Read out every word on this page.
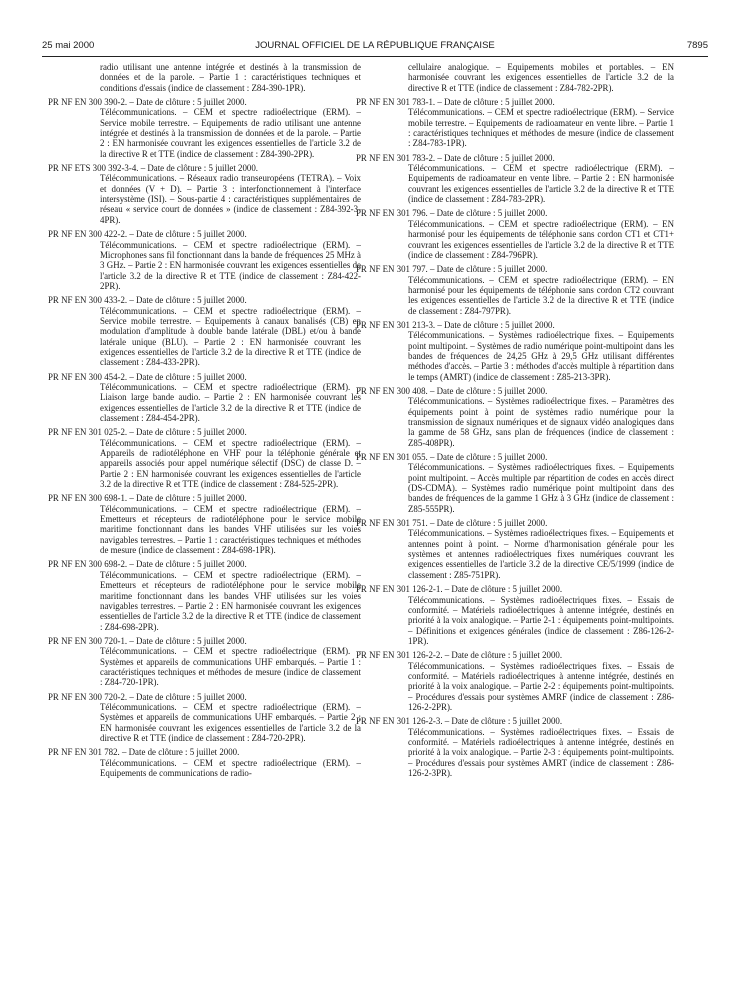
25 mai 2000	JOURNAL OFFICIEL DE LA RÉPUBLIQUE FRANÇAISE	7895
radio utilisant une antenne intégrée et destinés à la transmission de données et de la parole. – Partie 1 : caractéristiques techniques et conditions d'essais (indice de classement : Z84-390-1PR).
PR NF EN 300 390-2. – Date de clôture : 5 juillet 2000.
Télécommunications. – CEM et spectre radioélectrique (ERM). – Service mobile terrestre. – Equipements de radio utilisant une antenne intégrée et destinés à la transmission de données et de la parole. – Partie 2 : EN harmonisée couvrant les exigences essentielles de l'article 3.2 de la directive R et TTE (indice de classement : Z84-390-2PR).
PR NF ETS 300 392-3-4. – Date de clôture : 5 juillet 2000.
Télécommunications. – Réseaux radio transeuropéens (TETRA). – Voix et données (V + D). – Partie 3 : interfonctionnement à l'interface intersystème (ISI). – Sous-partie 4 : caractéristiques supplémentaires de réseau « service court de données » (indice de classement : Z84-392-3-4PR).
PR NF EN 300 422-2. – Date de clôture : 5 juillet 2000.
Télécommunications. – CEM et spectre radioélectrique (ERM). – Microphones sans fil fonctionnant dans la bande de fréquences 25 MHz à 3 GHz. – Partie 2 : EN harmonisée couvrant les exigences essentielles de l'article 3.2 de la directive R et TTE (indice de classement : Z84-422-2PR).
PR NF EN 300 433-2. – Date de clôture : 5 juillet 2000.
Télécommunications. – CEM et spectre radioélectrique (ERM). – Service mobile terrestre. – Equipements à canaux banalisés (CB) en modulation d'amplitude à double bande latérale (DBL) et/ou à bande latérale unique (BLU). – Partie 2 : EN harmonisée couvrant les exigences essentielles de l'article 3.2 de la directive R et TTE (indice de classement : Z84-433-2PR).
PR NF EN 300 454-2. – Date de clôture : 5 juillet 2000.
Télécommunications. – CEM et spectre radioélectrique (ERM). – Liaison large bande audio. – Partie 2 : EN harmonisée couvrant les exigences essentielles de l'article 3.2 de la directive R et TTE (indice de classement : Z84-454-2PR).
PR NF EN 301 025-2. – Date de clôture : 5 juillet 2000.
Télécommunications. – CEM et spectre radioélectrique (ERM). – Appareils de radiotéléphone en VHF pour la téléphonie générale et appareils associés pour appel numérique sélectif (DSC) de classe D. – Partie 2 : EN harmonisée couvrant les exigences essentielles de l'article 3.2 de la directive R et TTE (indice de classement : Z84-525-2PR).
PR NF EN 300 698-1. – Date de clôture : 5 juillet 2000.
Télécommunications. – CEM et spectre radioélectrique (ERM). – Emetteurs et récepteurs de radiotéléphone pour le service mobile maritime fonctionnant dans les bandes VHF utilisées sur les voies navigables terrestres. – Partie 1 : caractéristiques techniques et méthodes de mesure (indice de classement : Z84-698-1PR).
PR NF EN 300 698-2. – Date de clôture : 5 juillet 2000.
Télécommunications. – CEM et spectre radioélectrique (ERM). – Emetteurs et récepteurs de radiotéléphone pour le service mobile maritime fonctionnant dans les bandes VHF utilisées sur les voies navigables terrestres. – Partie 2 : EN harmonisée couvrant les exigences essentielles de l'article 3.2 de la directive R et TTE (indice de classement : Z84-698-2PR).
PR NF EN 300 720-1. – Date de clôture : 5 juillet 2000.
Télécommunications. – CEM et spectre radioélectrique (ERM). – Systèmes et appareils de communications UHF embarqués. – Partie 1 : caractéristiques techniques et méthodes de mesure (indice de classement : Z84-720-1PR).
PR NF EN 300 720-2. – Date de clôture : 5 juillet 2000.
Télécommunications. – CEM et spectre radioélectrique (ERM). – Systèmes et appareils de communications UHF embarqués. – Partie 2 : EN harmonisée couvrant les exigences essentielles de l'article 3.2 de la directive R et TTE (indice de classement : Z84-720-2PR).
PR NF EN 301 782. – Date de clôture : 5 juillet 2000.
Télécommunications. – CEM et spectre radioélectrique (ERM). – Equipements de communications de radio-
cellulaire analogique. – Equipements mobiles et portables. – EN harmonisée couvrant les exigences essentielles de l'article 3.2 de la directive R et TTE (indice de classement : Z84-782-2PR).
PR NF EN 301 783-1. – Date de clôture : 5 juillet 2000.
Télécommunications. – CEM et spectre radioélectrique (ERM). – Service mobile terrestre. – Equipements de radioamateur en vente libre. – Partie 1 : caractéristiques techniques et méthodes de mesure (indice de classement : Z84-783-1PR).
PR NF EN 301 783-2. – Date de clôture : 5 juillet 2000.
Télécommunications. – CEM et spectre radioélectrique (ERM). – Equipements de radioamateur en vente libre. – Partie 2 : EN harmonisée couvrant les exigences essentielles de l'article 3.2 de la directive R et TTE (indice de classement : Z84-783-2PR).
PR NF EN 301 796. – Date de clôture : 5 juillet 2000.
Télécommunications. – CEM et spectre radioélectrique (ERM). – EN harmonisé pour les équipements de téléphonie sans cordon CT1 et CT1+ couvrant les exigences essentielles de l'article 3.2 de la directive R et TTE (indice de classement : Z84-796PR).
PR NF EN 301 797. – Date de clôture : 5 juillet 2000.
Télécommunications. – CEM et spectre radioélectrique (ERM). – EN harmonisé pour les équipements de téléphonie sans cordon CT2 couvrant les exigences essentielles de l'article 3.2 de la directive R et TTE (indice de classement : Z84-797PR).
PR NF EN 301 213-3. – Date de clôture : 5 juillet 2000.
Télécommunications. – Systèmes radioélectrique fixes. – Equipements point multipoint. – Systèmes de radio numérique point-multipoint dans les bandes de fréquences de 24,25 GHz à 29,5 GHz utilisant différentes méthodes d'accès. – Partie 3 : méthodes d'accès multiple à répartition dans le temps (AMRT) (indice de classement : Z85-213-3PR).
PR NF EN 300 408. – Date de clôture : 5 juillet 2000.
Télécommunications. – Systèmes radioélectrique fixes. – Paramètres des équipements point à point de systèmes radio numérique pour la transmission de signaux numériques et de signaux vidéo analogiques dans la gamme de 58 GHz, sans plan de fréquences (indice de classement : Z85-408PR).
PR NF EN 301 055. – Date de clôture : 5 juillet 2000.
Télécommunications. – Systèmes radioélectriques fixes. – Equipements point multipoint. – Accès multiple par répartition de codes en accès direct (DS-CDMA). – Systèmes radio numérique point multipoint dans des bandes de fréquences de la gamme 1 GHz à 3 GHz (indice de classement : Z85-555PR).
PR NF EN 301 751. – Date de clôture : 5 juillet 2000.
Télécommunications. – Systèmes radioélectriques fixes. – Equipements et antennes point à point. – Norme d'harmonisation générale pour les systèmes et antennes radioélectriques fixes numériques couvrant les exigences essentielles de l'article 3.2 de la directive CE/5/1999 (indice de classement : Z85-751PR).
PR NF EN 301 126-2-1. – Date de clôture : 5 juillet 2000.
Télécommunications. – Systèmes radioélectriques fixes. – Essais de conformité. – Matériels radioélectriques à antenne intégrée, destinés en priorité à la voix analogique. – Partie 2-1 : équipements point-multipoints. – Définitions et exigences générales (indice de classement : Z86-126-2-1PR).
PR NF EN 301 126-2-2. – Date de clôture : 5 juillet 2000.
Télécommunications. – Systèmes radioélectriques fixes. – Essais de conformité. – Matériels radioélectriques à antenne intégrée, destinés en priorité à la voix analogique. – Partie 2-2 : équipements point-multipoints. – Procédures d'essais pour systèmes AMRF (indice de classement : Z86-126-2-2PR).
PR NF EN 301 126-2-3. – Date de clôture : 5 juillet 2000.
Télécommunications. – Systèmes radioélectriques fixes. – Essais de conformité. – Matériels radioélectriques à antenne intégrée, destinés en priorité à la voix analogique. – Partie 2-3 : équipements point-multipoints. – Procédures d'essais pour systèmes AMRT (indice de classement : Z86-126-2-3PR).
